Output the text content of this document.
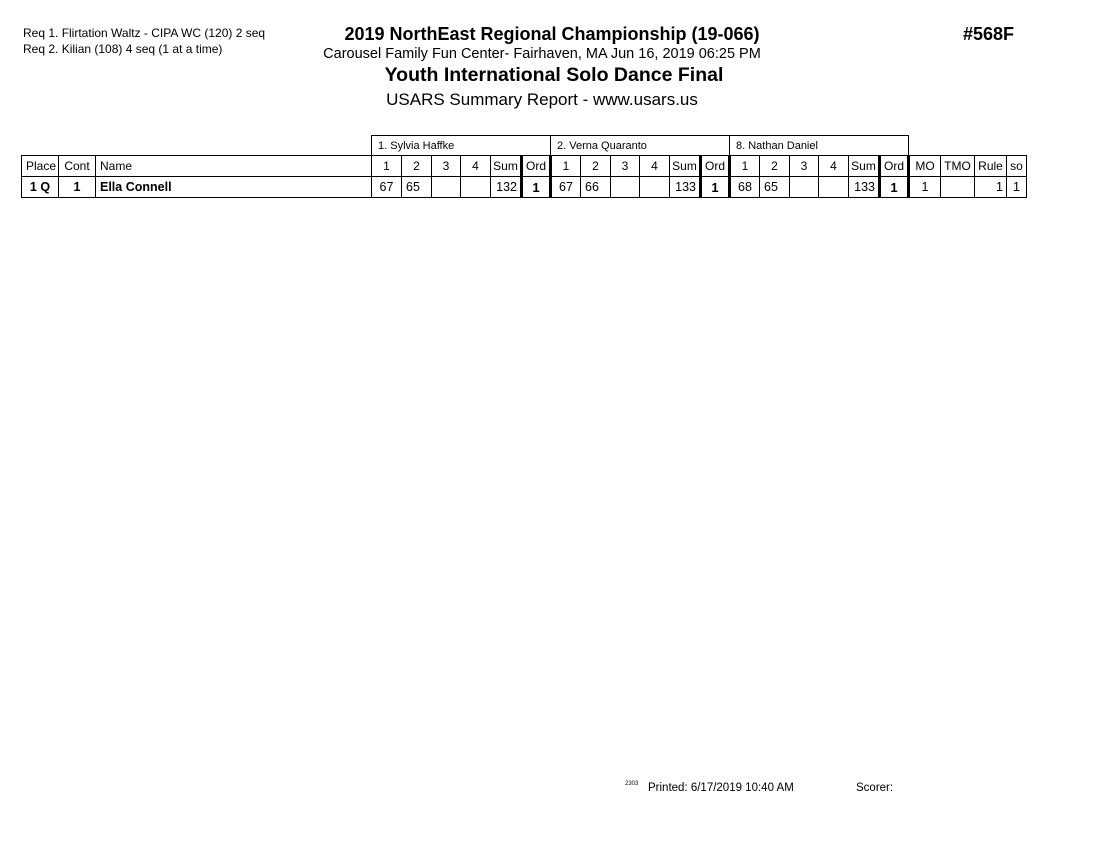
Req 1. Flirtation Waltz - CIPA WC (120) 2 seq
Req 2. Kilian (108) 4 seq (1 at a time)
2019 NorthEast Regional Championship (19-066)
Carousel Family Fun Center- Fairhaven, MA Jun 16, 2019 06:25 PM
Youth International Solo Dance Final
USARS Summary Report - www.usars.us
#568F
			1. Sylvia Haffke						2. Verna Quaranto						8. Nathan Daniel									
Place	Cont	Name	1	2	3	4	Sum	Ord	1	2	3	4	Sum	Ord	1	2	3	4	Sum	Ord	MO	TMO	Rule	so
1 Q	1	Ella Connell	67	65			132	1	67	66			133	1	68	65			133	1	1		1	1
2303 Printed: 6/17/2019 10:40 AM	Scorer:
